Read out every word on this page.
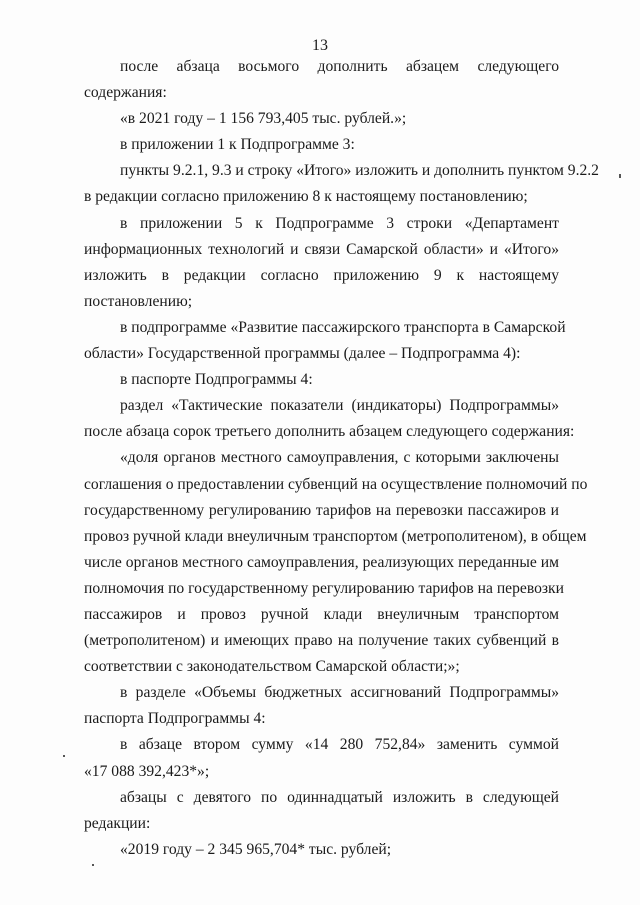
13
после абзаца восьмого дополнить абзацем следующего
содержания:
«в 2021 году – 1 156 793,405 тыс. рублей.»;
в приложении 1 к Подпрограмме 3:
пункты 9.2.1, 9.3 и строку «Итого» изложить и дополнить пунктом 9.2.2
в редакции согласно приложению 8 к настоящему постановлению;
в приложении 5 к Подпрограмме 3 строки «Департамент
информационных технологий и связи Самарской области» и «Итого»
изложить в редакции согласно приложению 9 к настоящему
постановлению;
в подпрограмме «Развитие пассажирского транспорта в Самарской
области» Государственной программы (далее – Подпрограмма 4):
в паспорте Подпрограммы 4:
раздел «Тактические показатели (индикаторы) Подпрограммы»
после абзаца сорок третьего дополнить абзацем следующего содержания:
«доля органов местного самоуправления, с которыми заключены
соглашения о предоставлении субвенций на осуществление полномочий по
государственному регулированию тарифов на перевозки пассажиров и
провоз ручной клади внеуличным транспортом (метрополитеном), в общем
числе органов местного самоуправления, реализующих переданные им
полномочия по государственному регулированию тарифов на перевозки
пассажиров и провоз ручной клади внеуличным транспортом
(метрополитеном) и имеющих право на получение таких субвенций в
соответствии с законодательством Самарской области;»;
в разделе «Объемы бюджетных ассигнований Подпрограммы»
паспорта Подпрограммы 4:
в абзаце втором сумму «14 280 752,84» заменить суммой
«17 088 392,423*»;
абзацы с девятого по одиннадцатый изложить в следующей
редакции:
«2019 году – 2 345 965,704* тыс. рублей;
